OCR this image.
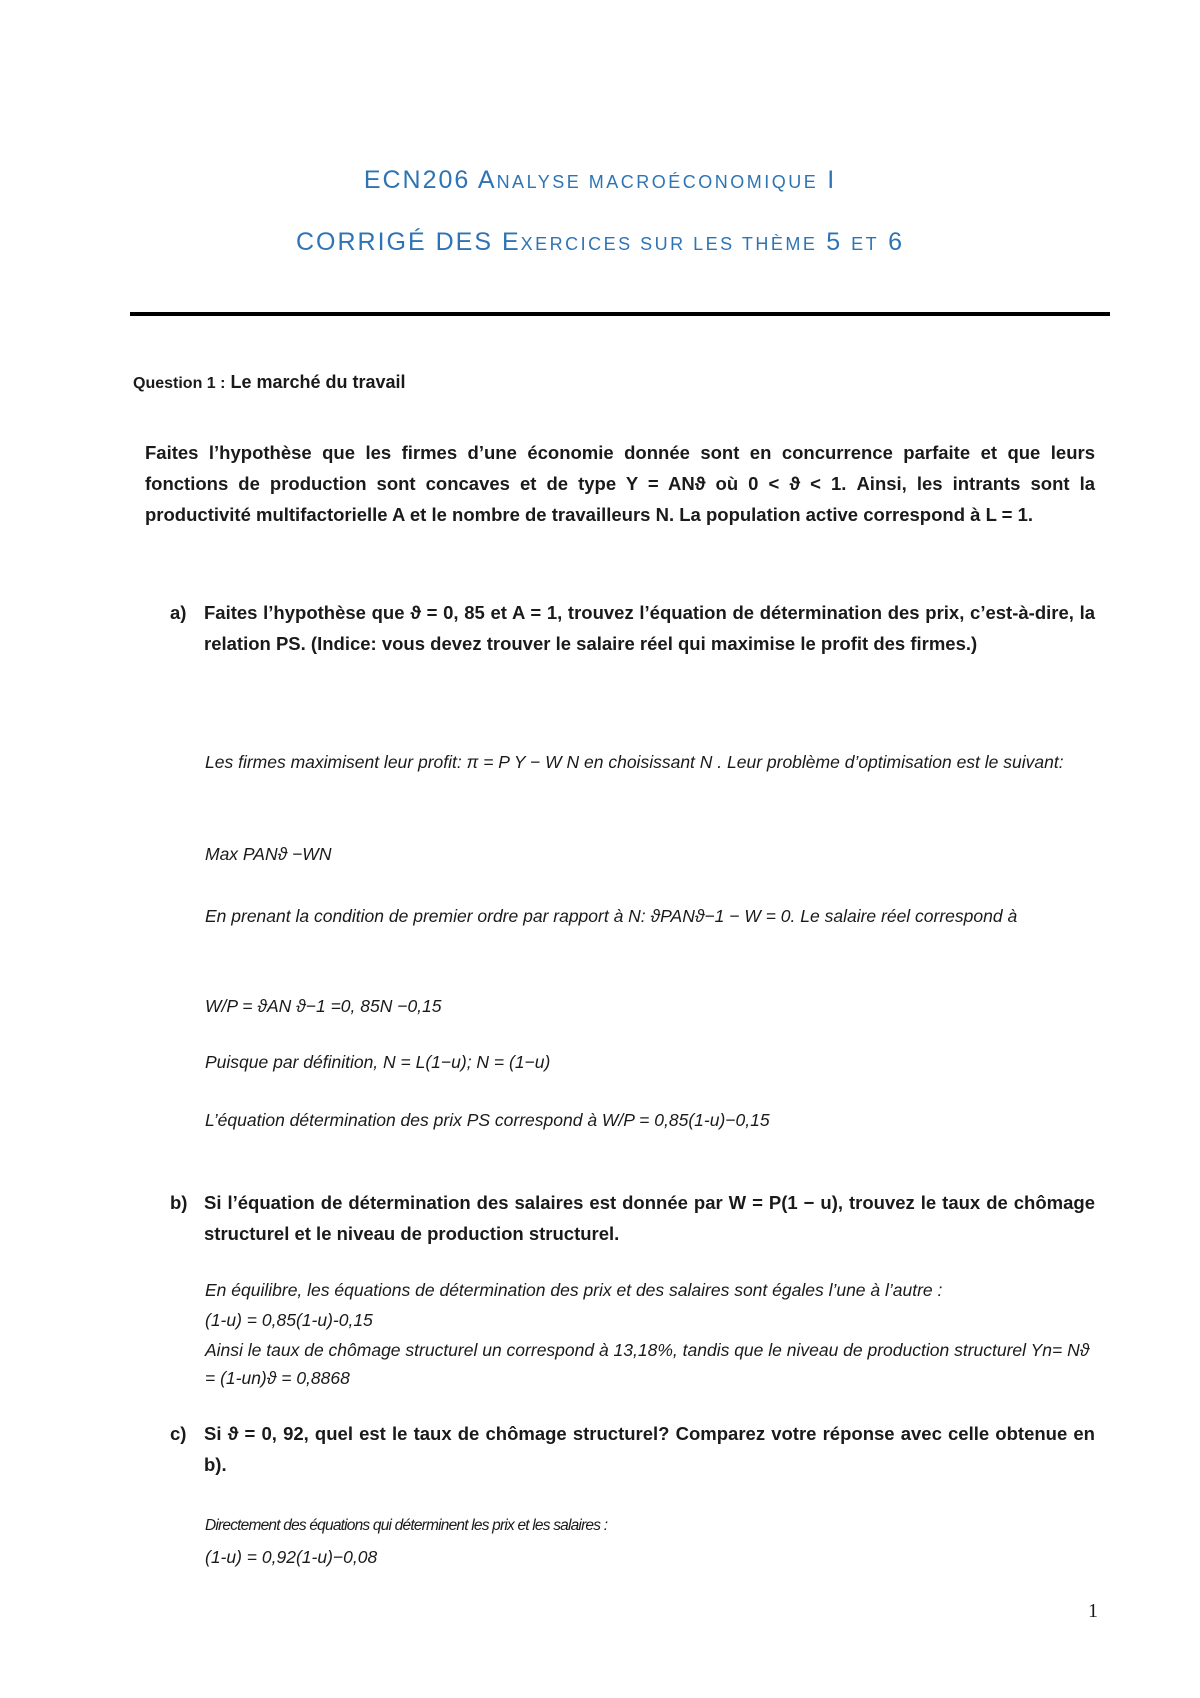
ECN206 ANALYSE MACROÉCONOMIQUE I
CORRIGÉ DES EXERCICES SUR LES THÈME 5 ET 6
Question 1 : Le marché du travail
Faites l’hypothèse que les firmes d’une économie donnée sont en concurrence parfaite et que leurs fonctions de production sont concaves et de type Y = ANϑ où 0 < ϑ < 1. Ainsi, les intrants sont la productivité multifactorielle A et le nombre de travailleurs N. La population active correspond à L = 1.
a) Faites l’hypothèse que ϑ = 0, 85 et A = 1, trouvez l’équation de détermination des prix, c’est-à-dire, la relation PS. (Indice: vous devez trouver le salaire réel qui maximise le profit des firmes.)
Les firmes maximisent leur profit: π = P Y − W N en choisissant N . Leur problème d’optimisation est le suivant:
Max PANϑ −WN
En prenant la condition de premier ordre par rapport à N: ϑPANϑ−1 − W = 0. Le salaire réel correspond à
W/P = ϑAN ϑ−1 =0, 85N −0,15
Puisque par définition, N = L(1−u); N = (1−u)
L’équation détermination des prix PS correspond à W/P = 0,85(1-u)−0,15
b) Si l’équation de détermination des salaires est donnée par W = P(1 − u), trouvez le taux de chômage structurel et le niveau de production structurel.
En équilibre, les équations de détermination des prix et des salaires sont égales l’une à l’autre :
(1-u) = 0,85(1-u)-0,15
Ainsi le taux de chômage structurel un correspond à 13,18%, tandis que le niveau de production structurel Yn= Nϑ = (1-un)ϑ = 0,8868
c) Si ϑ = 0, 92, quel est le taux de chômage structurel? Comparez votre réponse avec celle obtenue en b).
Directement des équations qui déterminent les prix et les salaires :
(1-u) = 0,92(1-u)−0,08
1
